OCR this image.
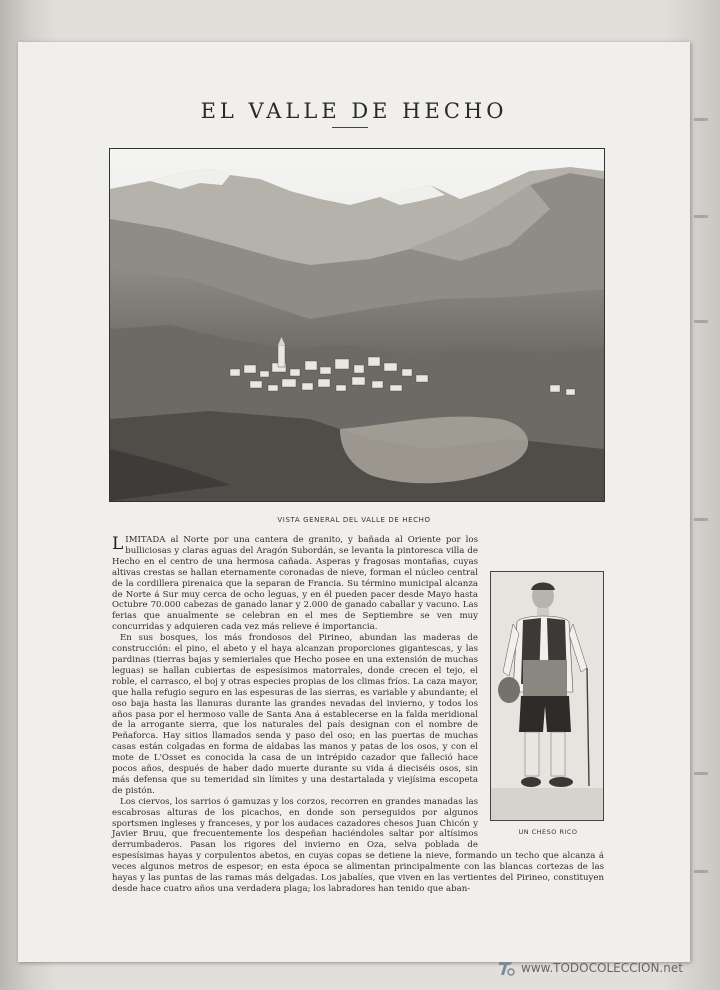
EL VALLE DE HECHO
VISTA GENERAL DEL VALLE DE HECHO
UN CHESO RICO

LIMITADA al Norte por una cantera de granito, y bañada al Oriente por los bulliciosas y claras aguas del Aragón Subordán, se levanta la pintoresca villa de Hecho en el centro de una hermosa cañada. Asperas y fragosas montañas, cuyas altivas crestas se hallan eternamente coronadas de nieve, forman el núcleo central de la cordillera pirenaica que la separan de Francia. Su término municipal alcanza de Norte á Sur muy cerca de ocho leguas, y en él pueden pacer desde Mayo hasta Octubre 70.000 cabezas de ganado lanar y 2.000 de ganado caballar y vacuno. Las ferias que anualmente se celebran en el mes de Septiembre se ven muy concurridas y adquieren cada vez más relieve é importancia.

En sus bosques, los más frondosos del Pirineo, abundan las maderas de construcción: el pino, el abeto y el haya alcanzan proporciones gigantescas, y las pardinas (tierras bajas y semieriales que Hecho posee en una extensión de muchas leguas) se hallan cubiertas de espesísimos matorrales, donde crecen el tejo, el roble, el carrasco, el boj y otras especies propias de los climas fríos. La caza mayor, que halla refugio seguro en las espesuras de las sierras, es variable y abundante; el oso baja hasta las llanuras durante las grandes nevadas del invierno, y todos los años pasa por el hermoso valle de Santa Ana á establecerse en la falda meridional de la arrogante sierra, que los naturales del país designan con el nombre de Peñaforca. Hay sitios llamados senda y paso del oso; en las puertas de muchas casas están colgadas en forma de aldabas las manos y patas de los osos, y con el mote de L'Osset es conocida la casa de un intrépido cazador que falleció hace pocos años, después de haber dado muerte durante su vida á dieciséis osos, sin más defensa que su temeridad sin límites y una destartalada y viejísima escopeta de pistón.

Los ciervos, los sarrios ó gamuzas y los corzos, recorren en grandes manadas las escabrosas alturas de los picachos, en donde son perseguidos por algunos sportsmen ingleses y franceses, y por los audaces cazadores chesos Juan Chicón y Javier Bruu, que frecuentemente los despeñan haciéndoles saltar por altísimos derrumbaderos. Pasan los rigores del invierno en Oza, selva poblada de espesísimas hayas y corpulentos abetos, en cuyas copas se detiene la nieve, formando un techo que alcanza á veces algunos metros de espesor; en esta época se alimentan principalmente con las blancas cortezas de las hayas y las puntas de las ramas más delgadas. Los jabalíes, que viven en las vertientes del Pirineo, constituyen desde hace cuatro años una verdadera plaga; los labradores han tenido que aban-

www.TODOCOLECCION.net
